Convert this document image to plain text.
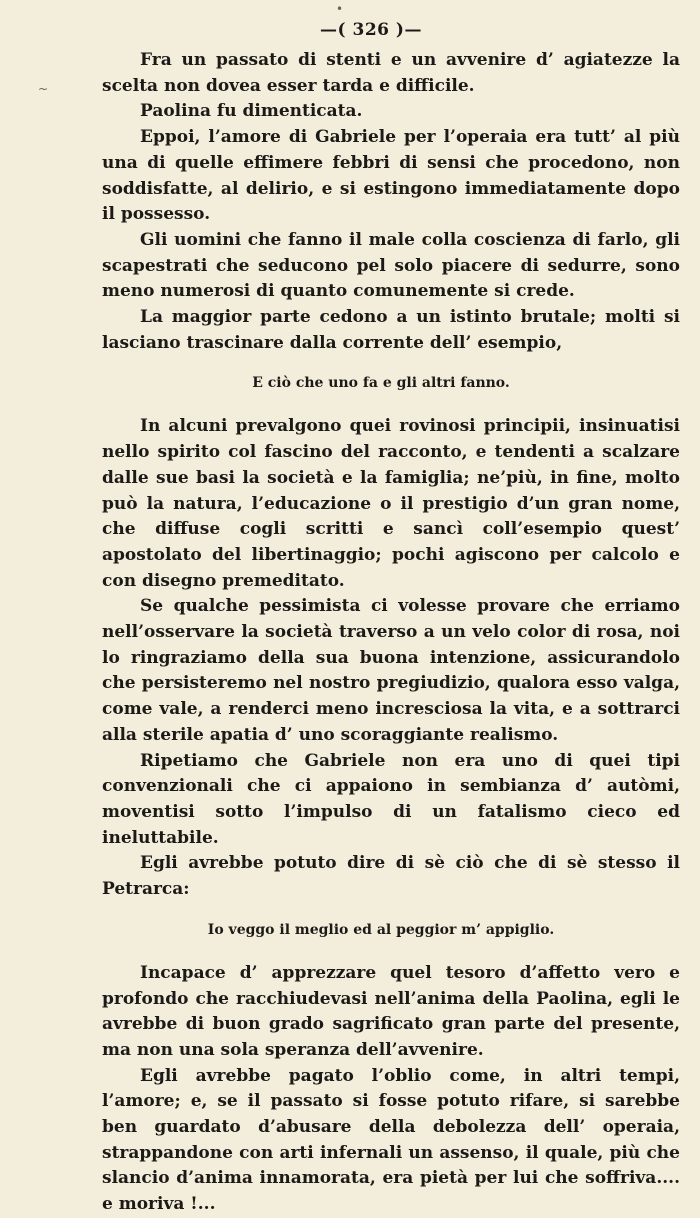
•
~
—( 326 )—

Fra un passato di stenti e un avvenire d’ agiatezze la scelta non dovea esser tarda e difficile.

Paolina fu dimenticata.

Eppoi, l’amore di Gabriele per l’operaia era tutt’ al più una di quelle effimere febbri di sensi che procedono, non soddisfatte, al delirio, e si estingono immediatamente dopo il possesso.

Gli uomini che fanno il male colla coscienza di farlo, gli scapestrati che seducono pel solo piacere di sedurre, sono meno numerosi di quanto comunemente si crede.

La maggior parte cedono a un istinto brutale; molti si lasciano trascinare dalla corrente dell’ esempio,

E ciò che uno fa e gli altri fanno.

In alcuni prevalgono quei rovinosi principii, insinuatisi nello spirito col fascino del racconto, e tendenti a scalzare dalle sue basi la società e la famiglia; ne’più, in fine, molto può la natura, l’educazione o il prestigio d’un gran nome, che diffuse cogli scritti e sancì coll’esempio quest’ apostolato del libertinaggio; pochi agiscono per calcolo e con disegno premeditato.

Se qualche pessimista ci volesse provare che erriamo nell’osservare la società traverso a un velo color di rosa, noi lo ringraziamo della sua buona intenzione, assicurandolo che persisteremo nel nostro pregiudizio, qualora esso valga, come vale, a renderci meno incresciosa la vita, e a sottrarci alla sterile apatia d’ uno scoraggiante realismo.

Ripetiamo che Gabriele non era uno di quei tipi convenzionali che ci appaiono in sembianza d’ autòmi, moventisi sotto l’impulso di un fatalismo cieco ed ineluttabile.

Egli avrebbe potuto dire di sè ciò che di sè stesso il Petrarca:

Io veggo il meglio ed al peggior m’ appiglio.

Incapace d’ apprezzare quel tesoro d’affetto vero e profondo che racchiudevasi nell’anima della Paolina, egli le avrebbe di buon grado sagrificato gran parte del presente, ma non una sola speranza dell’avvenire.

Egli avrebbe pagato l’oblio come, in altri tempi, l’amore; e, se il passato si fosse potuto rifare, si sarebbe ben guardato d’abusare della debolezza dell’ operaia, strappandone con arti infernali un assenso, il quale, più che slancio d’anima innamorata, era pietà per lui che soffriva.... e moriva !...
